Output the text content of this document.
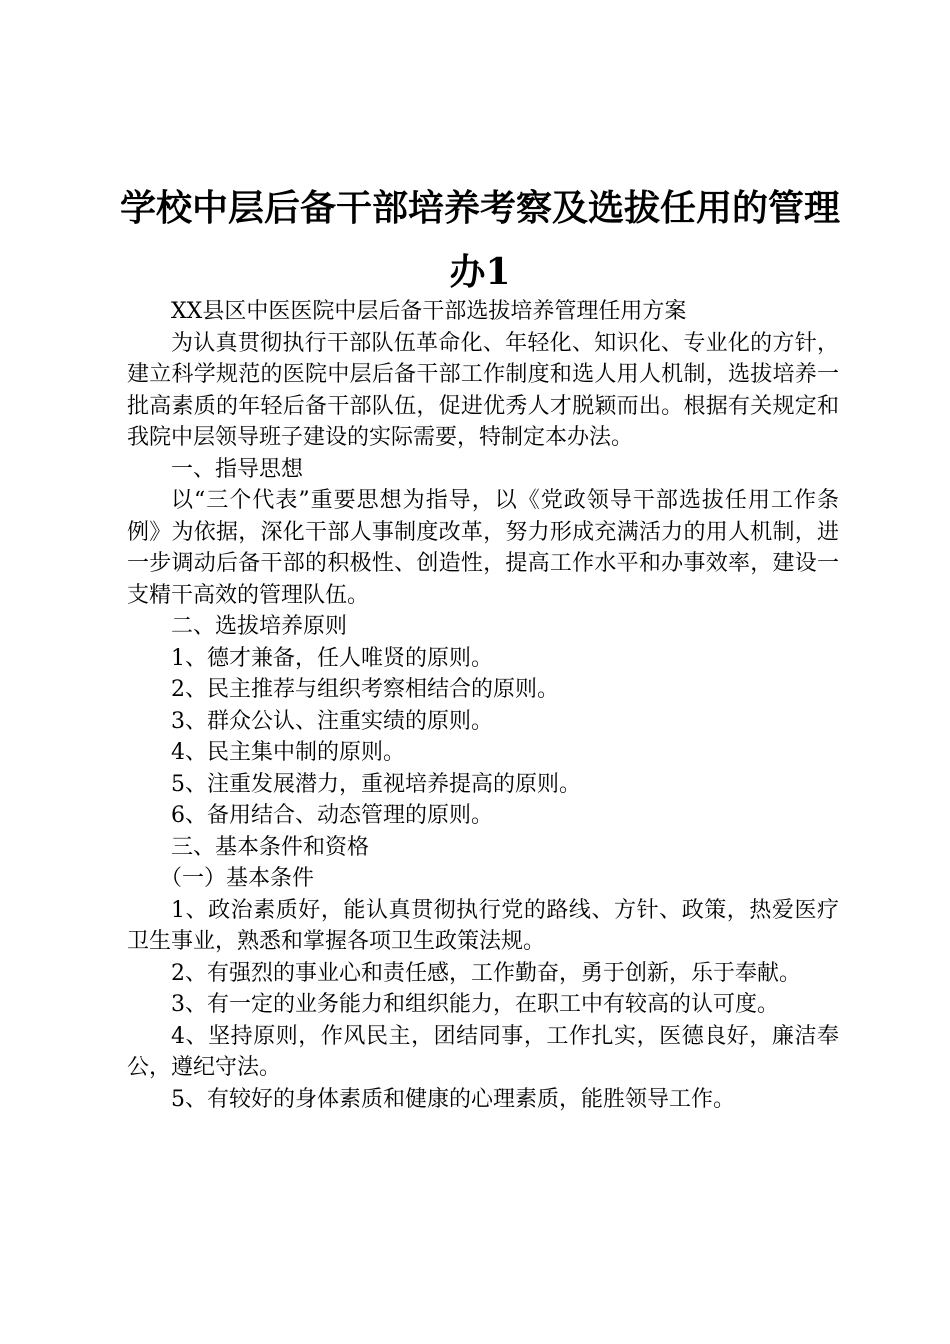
学校中层后备干部培养考察及选拔任用的管理
办1

XX县区中医医院中层后备干部选拔培养管理任用方案

为认真贯彻执行干部队伍革命化、年轻化、知识化、专业化的方针，建立科学规范的医院中层后备干部工作制度和选人用人机制，选拔培养一批高素质的年轻后备干部队伍，促进优秀人才脱颖而出。根据有关规定和我院中层领导班子建设的实际需要，特制定本办法。

一、指导思想

以“三个代表”重要思想为指导，以《党政领导干部选拔任用工作条例》为依据，深化干部人事制度改革，努力形成充满活力的用人机制，进一步调动后备干部的积极性、创造性，提高工作水平和办事效率，建设一支精干高效的管理队伍。

二、选拔培养原则

1、德才兼备，任人唯贤的原则。

2、民主推荐与组织考察相结合的原则。

3、群众公认、注重实绩的原则。

4、民主集中制的原则。

5、注重发展潜力，重视培养提高的原则。

6、备用结合、动态管理的原则。

三、基本条件和资格

（一）基本条件

1、政治素质好，能认真贯彻执行党的路线、方针、政策，热爱医疗卫生事业，熟悉和掌握各项卫生政策法规。

2、有强烈的事业心和责任感，工作勤奋，勇于创新，乐于奉献。

3、有一定的业务能力和组织能力，在职工中有较高的认可度。

4、坚持原则，作风民主，团结同事，工作扎实，医德良好，廉洁奉公，遵纪守法。

5、有较好的身体素质和健康的心理素质，能胜领导工作。
